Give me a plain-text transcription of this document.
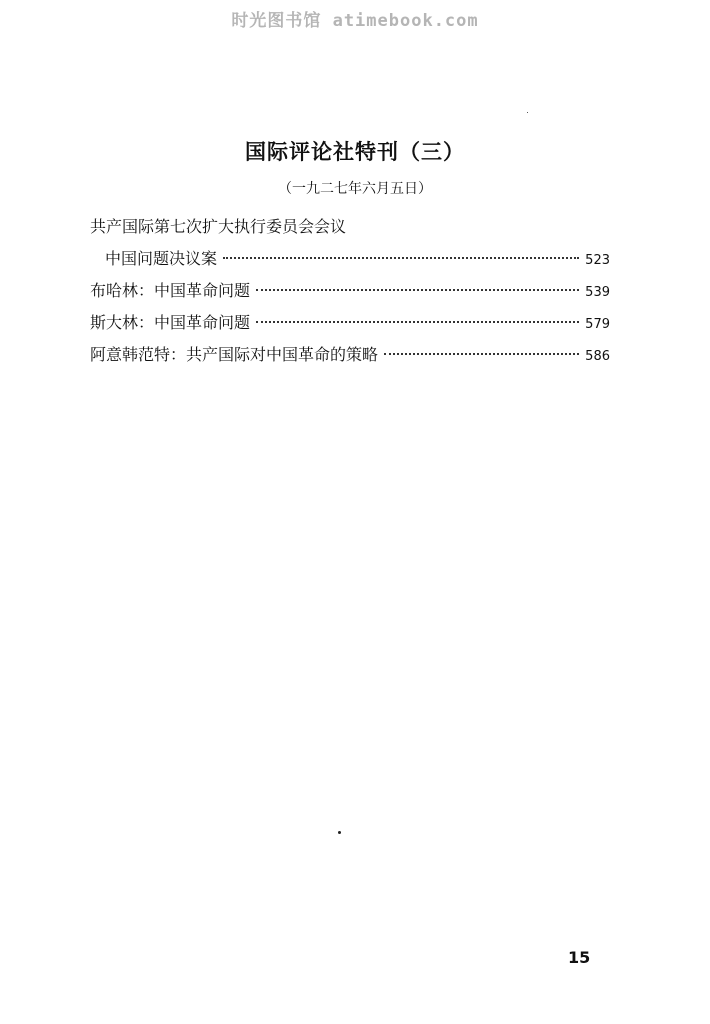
时光图书馆 atimebook.com
国际评论社特刊（三）
（一九二七年六月五日）
共产国际第七次扩大执行委员会会议
中国问题决议案	523
布哈林：中国革命问题	539
斯大林：中国革命问题	579
阿意韩范特：共产国际对中国革命的策略	586
15
